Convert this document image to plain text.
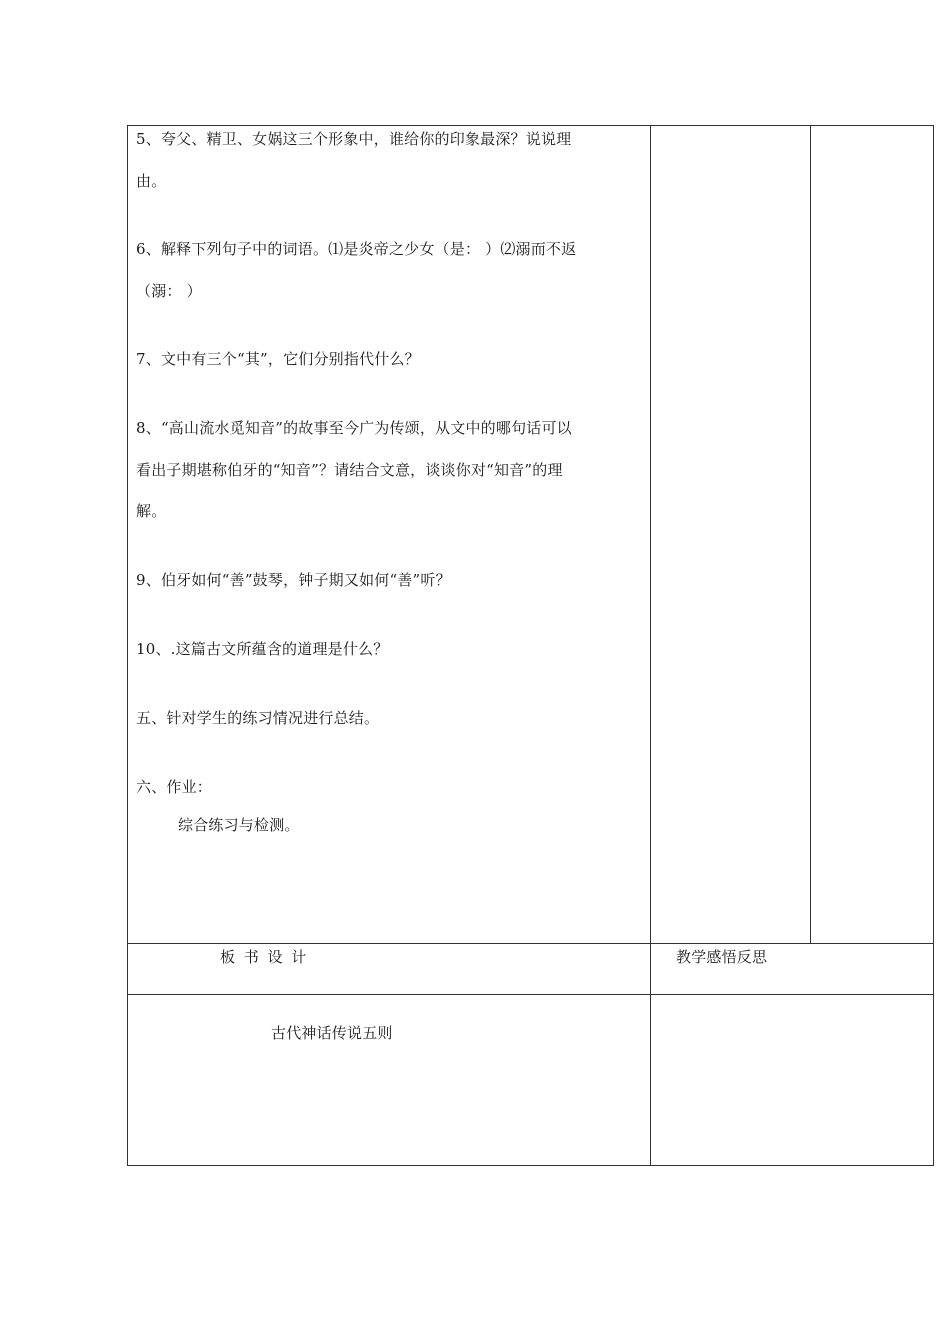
5、夸父、精卫、女娲这三个形象中，谁给你的印象最深？说说理
由。
6、解释下列句子中的词语。⑴是炎帝之少女（是： ）⑵溺而不返
（溺： ）
7、文中有三个“其”，它们分别指代什么？
8、“高山流水觅知音”的故事至今广为传颂，从文中的哪句话可以
看出子期堪称伯牙的“知音”？请结合文意，谈谈你对“知音”的理
解。
9、伯牙如何“善”鼓琴，钟子期又如何“善”听？
10、.这篇古文所蕴含的道理是什么？
五、针对学生的练习情况进行总结。
六、作业：
综合练习与检测。
板 书 设 计	教学感悟反思
古代神话传说五则
